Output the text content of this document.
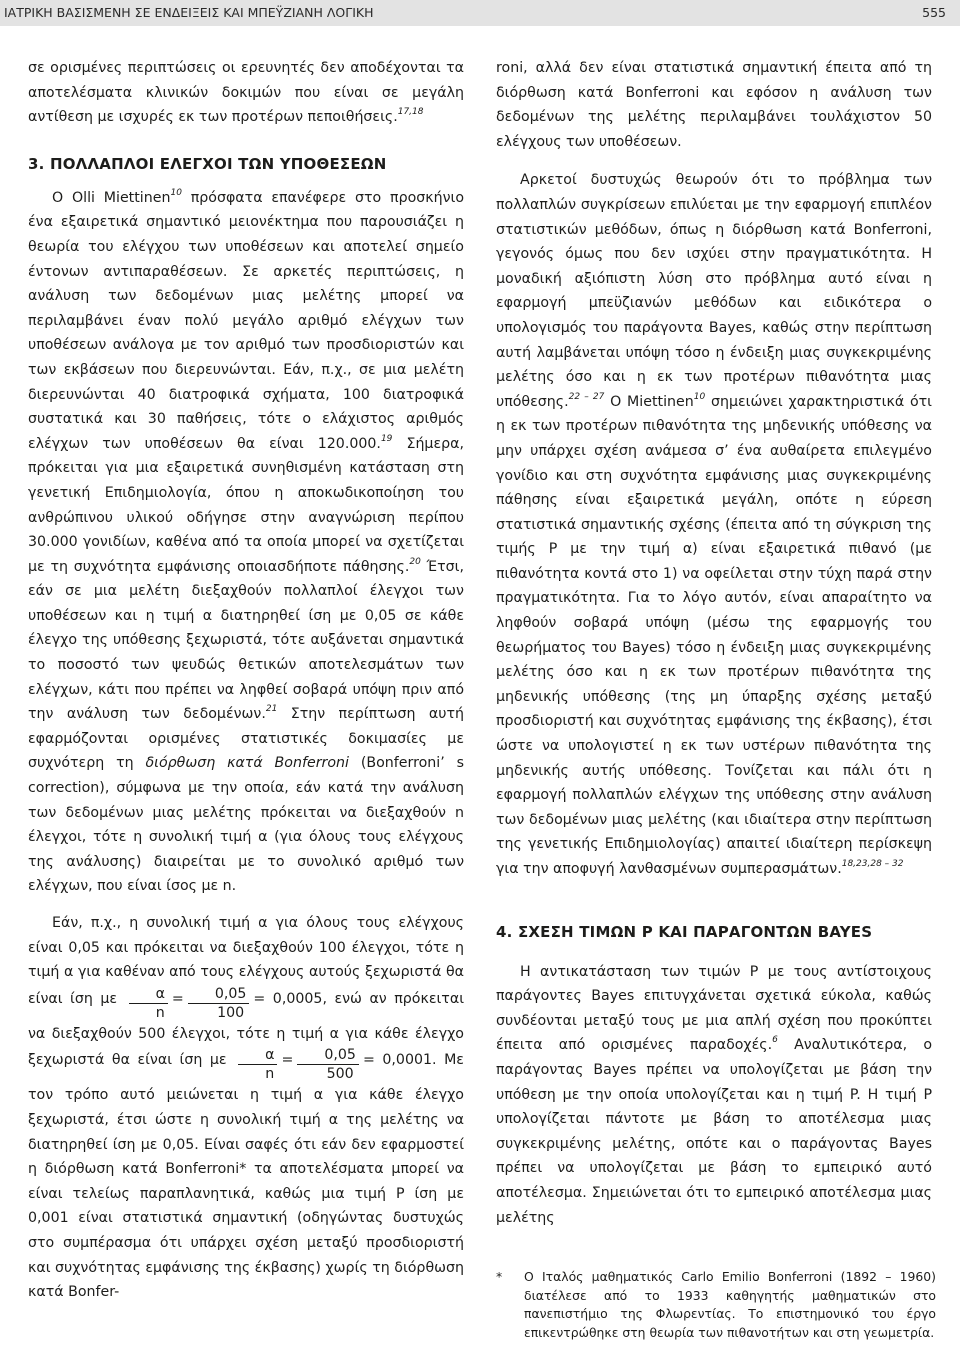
ΙΑΤΡΙΚΗ ΒΑΣΙΣΜΕΝΗ ΣΕ ΕΝΔΕΙΞΕΙΣ ΚΑΙ ΜΠΕΫΖΙΑΝΗ ΛΟΓΙΚΗ	555

σε ορισμένες περιπτώσεις οι ερευνητές δεν αποδέχονται τα αποτελέσματα κλινικών δοκιμών που είναι σε μεγάλη αντίθεση με ισχυρές εκ των προτέρων πεποιθήσεις.$^{17,18}$

3. ΠΟΛΛΑΠΛΟΙ ΕΛΕΓΧΟΙ ΤΩΝ ΥΠΟΘΕΣΕΩΝ

Ο Olli Miettinen$^{10}$ πρόσφατα επανέφερε στο προσκήνιο ένα εξαιρετικά σημαντικό μειονέκτημα που παρουσιάζει η θεωρία του ελέγχου των υποθέσεων και αποτελεί σημείο έντονων αντιπαραθέσεων. Σε αρκετές περιπτώσεις, η ανάλυση των δεδομένων μιας μελέτης μπορεί να περιλαμβάνει έναν πολύ μεγάλο αριθμό ελέγχων των υποθέσεων ανάλογα με τον αριθμό των προσδιοριστών και των εκβάσεων που διερευνώνται. Εάν, π.χ., σε μια μελέτη διερευνώνται 40 διατροφικά σχήματα, 100 διατροφικά συστατικά και 30 παθήσεις, τότε ο ελάχιστος αριθμός ελέγχων των υποθέσεων θα είναι 120.000.19 Σήμερα, πρόκειται για μια εξαιρετικά συνηθισμένη κατάσταση στη γενετική Επιδημιολογία, όπου η αποκωδικοποίηση του ανθρώπινου υλικού οδήγησε στην αναγνώριση περίπου 30.000 γονιδίων, καθένα από τα οποία μπορεί να σχετίζεται με τη συχνότητα εμφάνισης οποιασδήποτε πάθησης.$^{20}$ Έτσι, εάν σε μια μελέτη διεξαχθούν πολλαπλοί έλεγχοι των υποθέσεων και η τιμή α διατηρηθεί ίση με 0,05 σε κάθε έλεγχο της υπόθεσης ξεχωριστά, τότε αυξάνεται σημαντικά το ποσοστό των ψευδώς θετικών αποτελεσμάτων των ελέγχων, κάτι που πρέπει να ληφθεί σοβαρά υπόψη πριν από την ανάλυση των δεδομένων.$^{21}$ Στην περίπτωση αυτή εφαρμόζονται ορισμένες στατιστικές δοκιμασίες με συχνότερη τη διόρθωση κατά Bonferroni (Bonferroni’ s correction), σύμφωνα με την οποία, εάν κατά την ανάλυση των δεδομένων μιας μελέτης πρόκειται να διεξαχθούν n έλεγχοι, τότε η συνολική τιμή α (για όλους τους ελέγχους της ανάλυσης) διαιρείται με το συνολικό αριθμό των ελέγχων, που είναι ίσος με n.

Εάν, π.χ., η συνολική τιμή α για όλους τους ελέγχους είναι 0,05 και πρόκειται να διεξαχθούν 100 έλεγχοι, τότε η τιμή α για καθέναν από τους ελέγχους αυτούς ξεχωριστά θα είναι ίση με $\frac{\alpha}{n} = \frac{0,05}{100} = 0,0005$, ενώ αν πρόκειται να διεξαχθούν 500 έλεγχοι, τότε η τιμή α για κάθε έλεγχο ξεχωριστά θα είναι ίση με $\frac{\alpha}{n} = \frac{0,05}{500} = 0,0001$. Με τον τρόπο αυτό μειώνεται η τιμή α για κάθε έλεγχο ξεχωριστά, έτσι ώστε η συνολική τιμή α της μελέτης να διατηρηθεί ίση με 0,05. Είναι σαφές ότι εάν δεν εφαρμοστεί η διόρθωση κατά Bonferroni* τα αποτελέσματα μπορεί να είναι τελείως παραπλανητικά, καθώς μια τιμή P ίση με 0,001 είναι στατιστικά σημαντική (οδηγώντας δυστυχώς στο συμπέρασμα ότι υπάρχει σχέση μεταξύ προσδιοριστή και συχνότητας εμφάνισης της έκβασης) χωρίς τη διόρθωση κατά Bonfer-

roni, αλλά δεν είναι στατιστικά σημαντική έπειτα από τη διόρθωση κατά Bonferroni και εφόσον η ανάλυση των δεδομένων της μελέτης περιλαμβάνει τουλάχιστον 50 ελέγχους των υποθέσεων.

Αρκετοί δυστυχώς θεωρούν ότι το πρόβλημα των πολλαπλών συγκρίσεων επιλύεται με την εφαρμογή επιπλέον στατιστικών μεθόδων, όπως η διόρθωση κατά Bonferroni, γεγονός όμως που δεν ισχύει στην πραγματικότητα. Η μοναδική αξιόπιστη λύση στο πρόβλημα αυτό είναι η εφαρμογή μπεϋζιανών μεθόδων και ειδικότερα ο υπολογισμός του παράγοντα Bayes, καθώς στην περίπτωση αυτή λαμβάνεται υπόψη τόσο η ένδειξη μιας συγκεκριμένης μελέτης όσο και η εκ των προτέρων πιθανότητα μιας υπόθεσης.$^{22 - 27}$ Ο Miettinen$^{10}$ σημειώνει χαρακτηριστικά ότι η εκ των προτέρων πιθανότητα της μηδενικής υπόθεσης να μην υπάρχει σχέση ανάμεσα σ’ ένα αυθαίρετα επιλεγμένο γονίδιο και στη συχνότητα εμφάνισης μιας συγκεκριμένης πάθησης είναι εξαιρετικά μεγάλη, οπότε η εύρεση στατιστικά σημαντικής σχέσης (έπειτα από τη σύγκριση της τιμής P με την τιμή α) είναι εξαιρετικά πιθανό (με πιθανότητα κοντά στο 1) να οφείλεται στην τύχη παρά στην πραγματικότητα. Για το λόγο αυτόν, είναι απαραίτητο να ληφθούν σοβαρά υπόψη (μέσω της εφαρμογής του θεωρήματος του Bayes) τόσο η ένδειξη μιας συγκεκριμένης μελέτης όσο και η εκ των προτέρων πιθανότητα της μηδενικής υπόθεσης (της μη ύπαρξης σχέσης μεταξύ προσδιοριστή και συχνότητας εμφάνισης της έκβασης), έτσι ώστε να υπολογιστεί η εκ των υστέρων πιθανότητα της μηδενικής αυτής υπόθεσης. Τονίζεται και πάλι ότι η εφαρμογή πολλαπλών ελέγχων της υπόθεσης στην ανάλυση των δεδομένων μιας μελέτης (και ιδιαίτερα στην περίπτωση της γενετικής Επιδημιολογίας) απαιτεί ιδιαίτερη περίσκεψη για την αποφυγή λανθασμένων συμπερασμάτων.$^{18,23,28 - 32}$

4. ΣΧΕΣΗ ΤΙΜΩΝ P ΚΑΙ ΠΑΡΑΓΟΝΤΩΝ BAYES

Η αντικατάσταση των τιμών P με τους αντίστοιχους παράγοντες Bayes επιτυγχάνεται σχετικά εύκολα, καθώς συνδέονται μεταξύ τους με μια απλή σχέση που προκύπτει έπειτα από ορισμένες παραδοχές.$^6$ Αναλυτικότερα, ο παράγοντας Bayes πρέπει να υπολογίζεται με βάση την υπόθεση με την οποία υπολογίζεται και η τιμή P. Η τιμή P υπολογίζεται πάντοτε με βάση το αποτέλεσμα μιας συγκεκριμένης μελέτης, οπότε και ο παράγοντας Bayes πρέπει να υπολογίζεται με βάση το εμπειρικό αυτό αποτέλεσμα. Σημειώνεται ότι το εμπειρικό αποτέλεσμα μιας μελέτης

* Ο Ιταλός μαθηματικός Carlo Emilio Bonferroni (1892 – 1960) διατέλεσε από το 1933 καθηγητής μαθηματικών στο πανεπιστήμιο της Φλωρεντίας. Το επιστημονικό του έργο επικεντρώθηκε στη θεωρία των πιθανοτήτων και στη γεωμετρία.
